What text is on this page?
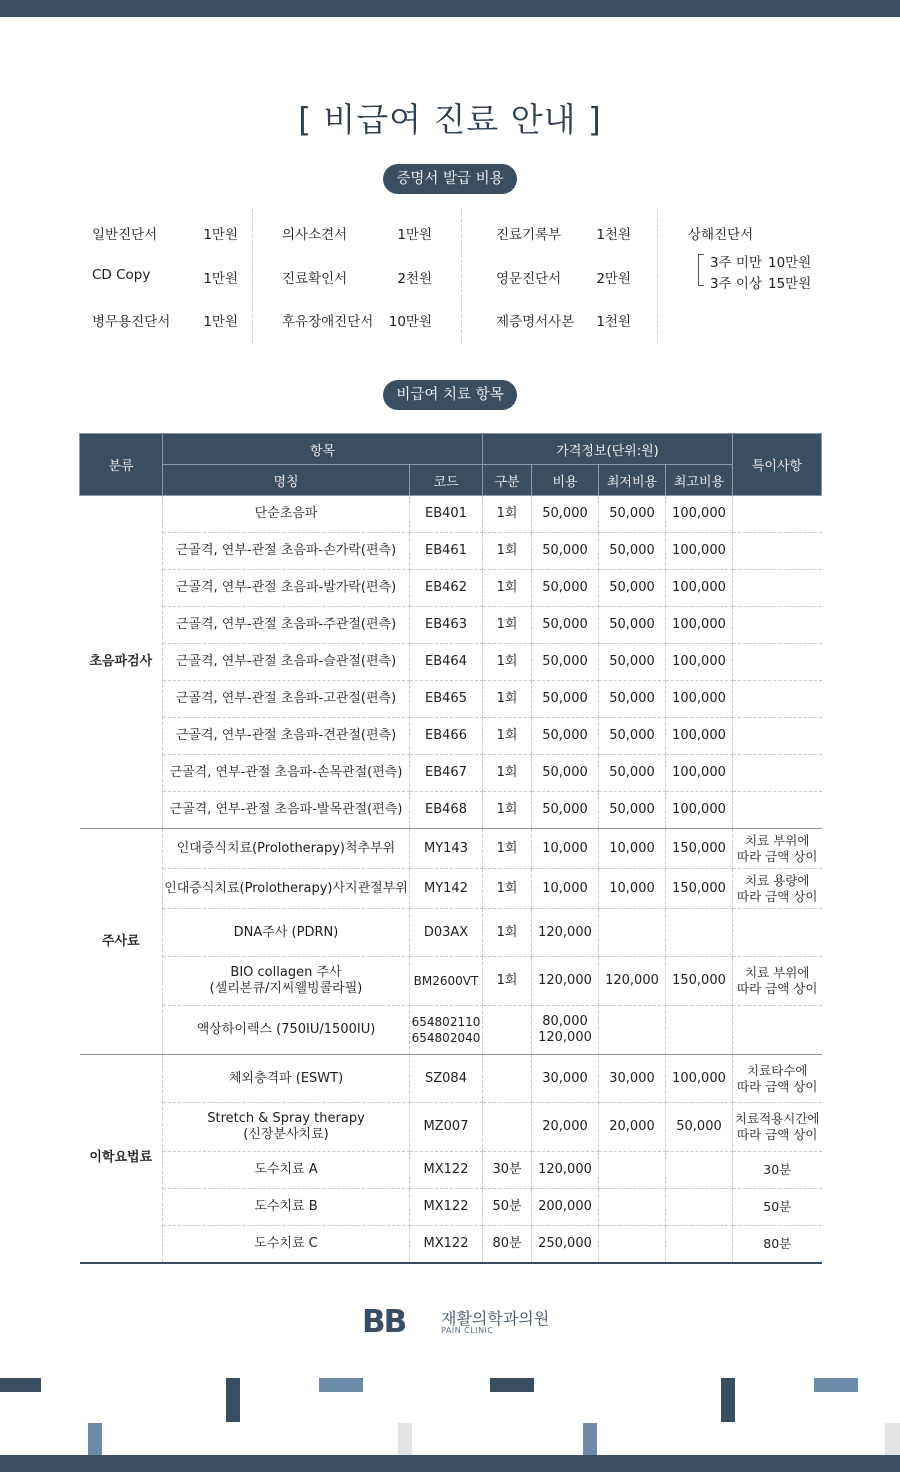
[ 비급여 진료 안내 ]
증명서 발급 비용
일반진단서	1만원
CD Copy	1만원
병무용진단서 1만원
의사소견서	1만원
진료확인서	2천원
후유장애진단서 10만원
진료기록부	1천원
영문진단서	2만원
제증명서사본 1천원
상해진단서
3주 미만 10만원
3주 이상 15만원
비급여 치료 항목
분류	항목		가격정보(단위:원)				특이사항
	명칭	코드	구분	비용	최저비용	최고비용	
초음파검사	단순초음파	EB401	1회	50,000	50,000	100,000	
	근골격, 연부-관절 초음파-손가락(편측)	EB461	1회	50,000	50,000	100,000	
	근골격, 연부-관절 초음파-발가락(편측)	EB462	1회	50,000	50,000	100,000	
	근골격, 연부-관절 초음파-주관절(편측)	EB463	1회	50,000	50,000	100,000	
	근골격, 연부-관절 초음파-슬관절(편측)	EB464	1회	50,000	50,000	100,000	
	근골격, 연부-관절 초음파-고관절(편측)	EB465	1회	50,000	50,000	100,000	
	근골격, 연부-관절 초음파-견관절(편측)	EB466	1회	50,000	50,000	100,000	
	근골격, 연부-관절 초음파-손목관절(편측)	EB467	1회	50,000	50,000	100,000	
	근골격, 연부-관절 초음파-발목관절(편측)	EB468	1회	50,000	50,000	100,000	
주사료	인대증식치료(Prolotherapy)척추부위	MY143	1회	10,000	10,000	150,000	치료 부위에
따라 금액 상이
	인대증식치료(Prolotherapy)사지관절부위	MY142	1회	10,000	10,000	150,000	치료 용량에
따라 금액 상이
	DNA주사 (PDRN)	D03AX	1회	120,000			
	BIO collagen 주사
(셀리본큐/지씨웰빙콜라필)	BM2600VT	1회	120,000	120,000	150,000	치료 부위에
따라 금액 상이
	액상하이렉스 (750IU/1500IU)	654802110
654802040		80,000
120,000			
이학요법료	체외충격파 (ESWT)	SZ084		30,000	30,000	100,000	치료타수에
따라 금액 상이
	Stretch & Spray therapy
(신장분사치료)	MZ007		20,000	20,000	50,000	치료적용시간에
따라 금액 상이
	도수치료 A	MX122	30분	120,000			30분
	도수치료 B	MX122	50분	200,000			50분
	도수치료 C	MX122	80분	250,000			80분
BB 재활의학과의원
PAIN CLINIC
